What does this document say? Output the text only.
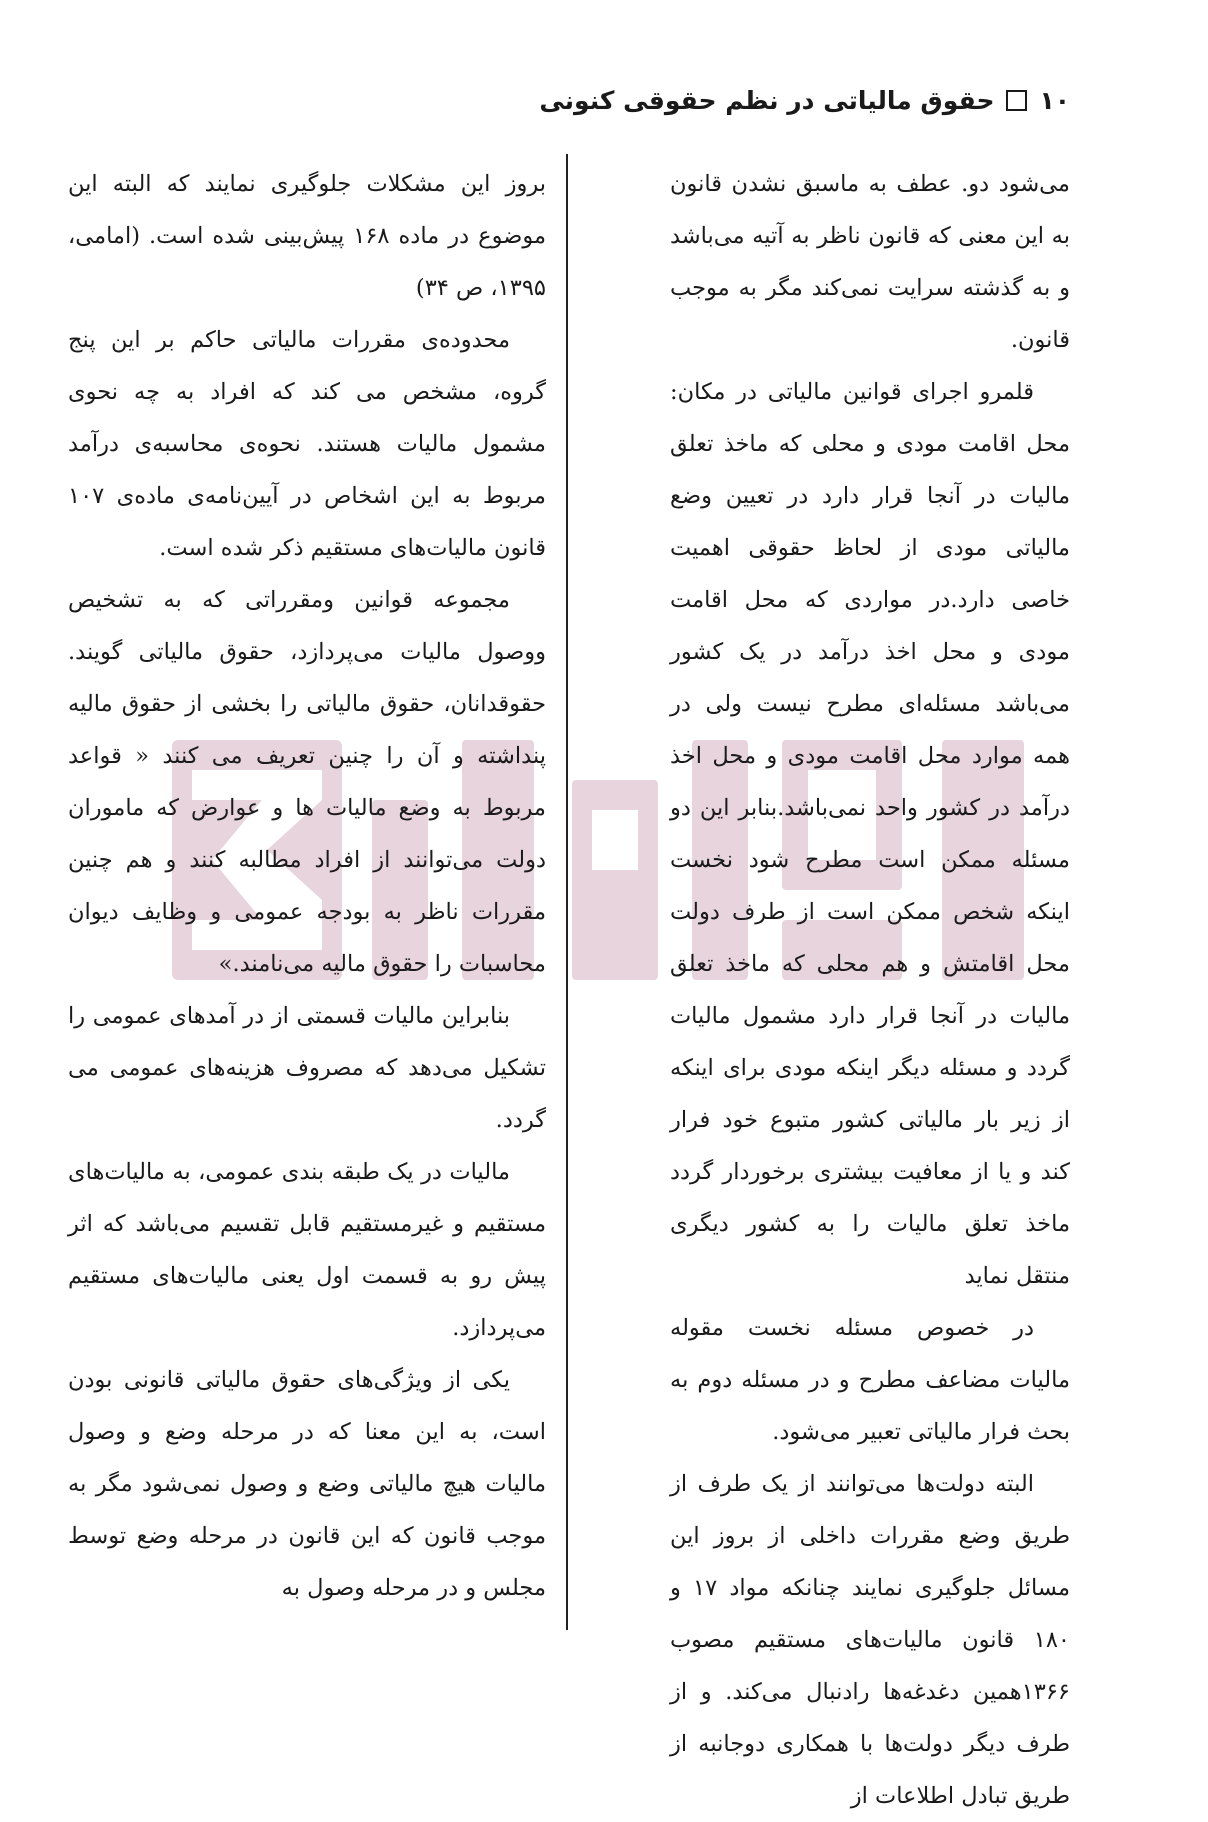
۱۰
حقوق مالیاتی در نظم حقوقی کنونی

می‌شود دو. عطف به ماسبق نشدن قانون به این معنی که قانون ناظر به آتیه می‌باشد و به گذشته سرایت نمی‌کند مگر به موجب قانون.

قلمرو اجرای قوانین مالیاتی در مکان: محل اقامت مودی و محلی که ماخذ تعلق مالیات در آنجا قرار دارد در تعیین وضع مالیاتی مودی از لحاظ حقوقی اهمیت خاصی دارد.در مواردی که محل اقامت مودی و محل اخذ درآمد در یک کشور می‌باشد مسئله‌ای مطرح نیست ولی در همه موارد محل اقامت مودی و محل اخذ درآمد در کشور واحد نمی‌باشد.بنابر این دو مسئله ممکن است مطرح شود نخست اینکه شخص ممکن است از طرف دولت محل اقامتش و هم محلی که ماخذ تعلق مالیات در آنجا قرار دارد مشمول مالیات گردد و مسئله دیگر اینکه مودی برای اینکه از زیر بار مالیاتی کشور متبوع خود فرار کند و یا از معافیت بیشتری برخوردار گردد ماخذ تعلق مالیات را به کشور دیگری منتقل نماید

در خصوص مسئله نخست مقوله مالیات مضاعف مطرح و در مسئله دوم به بحث فرار مالیاتی تعبیر می‌شود.

البته دولت‌ها می‌توانند از یک طرف از طریق وضع مقررات داخلی از بروز این مسائل جلوگیری نمایند چنانکه مواد ۱۷ و ۱۸۰ قانون مالیات‌های مستقیم مصوب ۱۳۶۶همین دغدغه‌ها رادنبال می‌کند. و از طرف دیگر دولت‌ها با همکاری دوجانبه از طریق تبادل اطلاعات از

بروز این مشکلات جلوگیری نمایند که البته این موضوع در ماده ۱۶۸ پیش‌بینی شده است. (امامی، ۱۳۹۵، ص ۳۴)

محدوده‌ی مقررات مالیاتی حاکم بر این پنج گروه، مشخص می کند که افراد به چه نحوی مشمول مالیات هستند. نحوه‌ی محاسبه‌ی درآمد مربوط به این اشخاص در آیین‌نامه‌ی ماده‌ی ۱۰۷ قانون مالیات‌های مستقیم ذکر شده است.

مجموعه قوانین ومقرراتی که به تشخیص ووصول مالیات می‌پردازد، حقوق مالیاتی گویند. حقوقدانان، حقوق مالیاتی را بخشی از حقوق مالیه پنداشته و آن را چنین تعریف می کنند « قواعد مربوط به وضع مالیات ها و عوارض که ماموران دولت می‌توانند از افراد مطالبه کنند و هم چنین مقررات ناظر به بودجه عمومی و وظایف دیوان محاسبات را حقوق مالیه می‌نامند.»

بنابراین مالیات قسمتی از در آمدهای عمومی را تشکیل می‌دهد که مصروف هزینه‌های عمومی می گردد.

مالیات در یک طبقه بندی عمومی، به مالیات‌های مستقیم و غیرمستقیم قابل تقسیم می‌باشد که اثر پیش رو به قسمت اول یعنی مالیات‌های مستقیم می‌پردازد.

یکی از ویژگی‌های حقوق مالیاتی قانونی بودن است، به این معنا که در مرحله وضع و وصول مالیات هیچ مالیاتی وضع و وصول نمی‌شود مگر به موجب قانون که این قانون در مرحله وضع توسط مجلس و در مرحله وصول به
